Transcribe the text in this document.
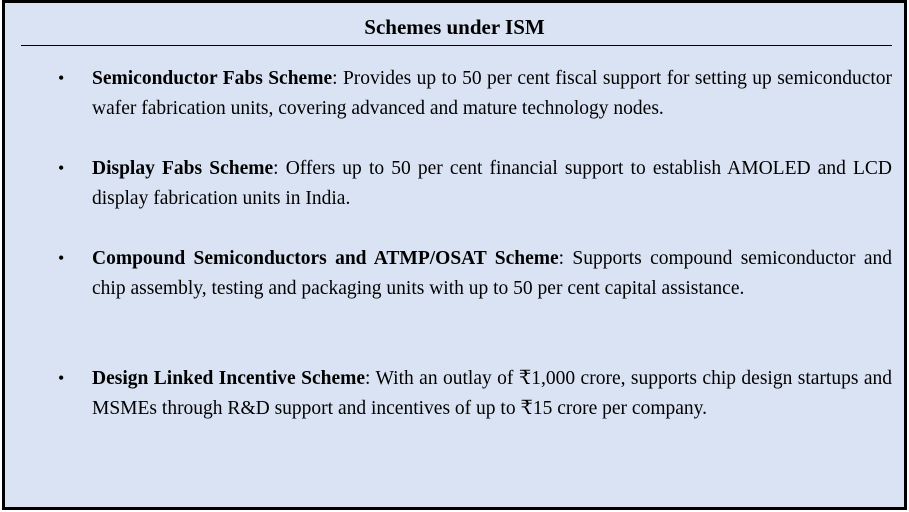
Schemes under ISM
• Semiconductor Fabs Scheme: Provides up to 50 per cent fiscal support for setting up semiconductor wafer fabrication units, covering advanced and mature technology nodes.
• Display Fabs Scheme: Offers up to 50 per cent financial support to establish AMOLED and LCD display fabrication units in India.
• Compound Semiconductors and ATMP/OSAT Scheme: Supports compound semiconductor and chip assembly, testing and packaging units with up to 50 per cent capital assistance.
• Design Linked Incentive Scheme: With an outlay of ₹1,000 crore, supports chip design startups and MSMEs through R&D support and incentives of up to ₹15 crore per company.
